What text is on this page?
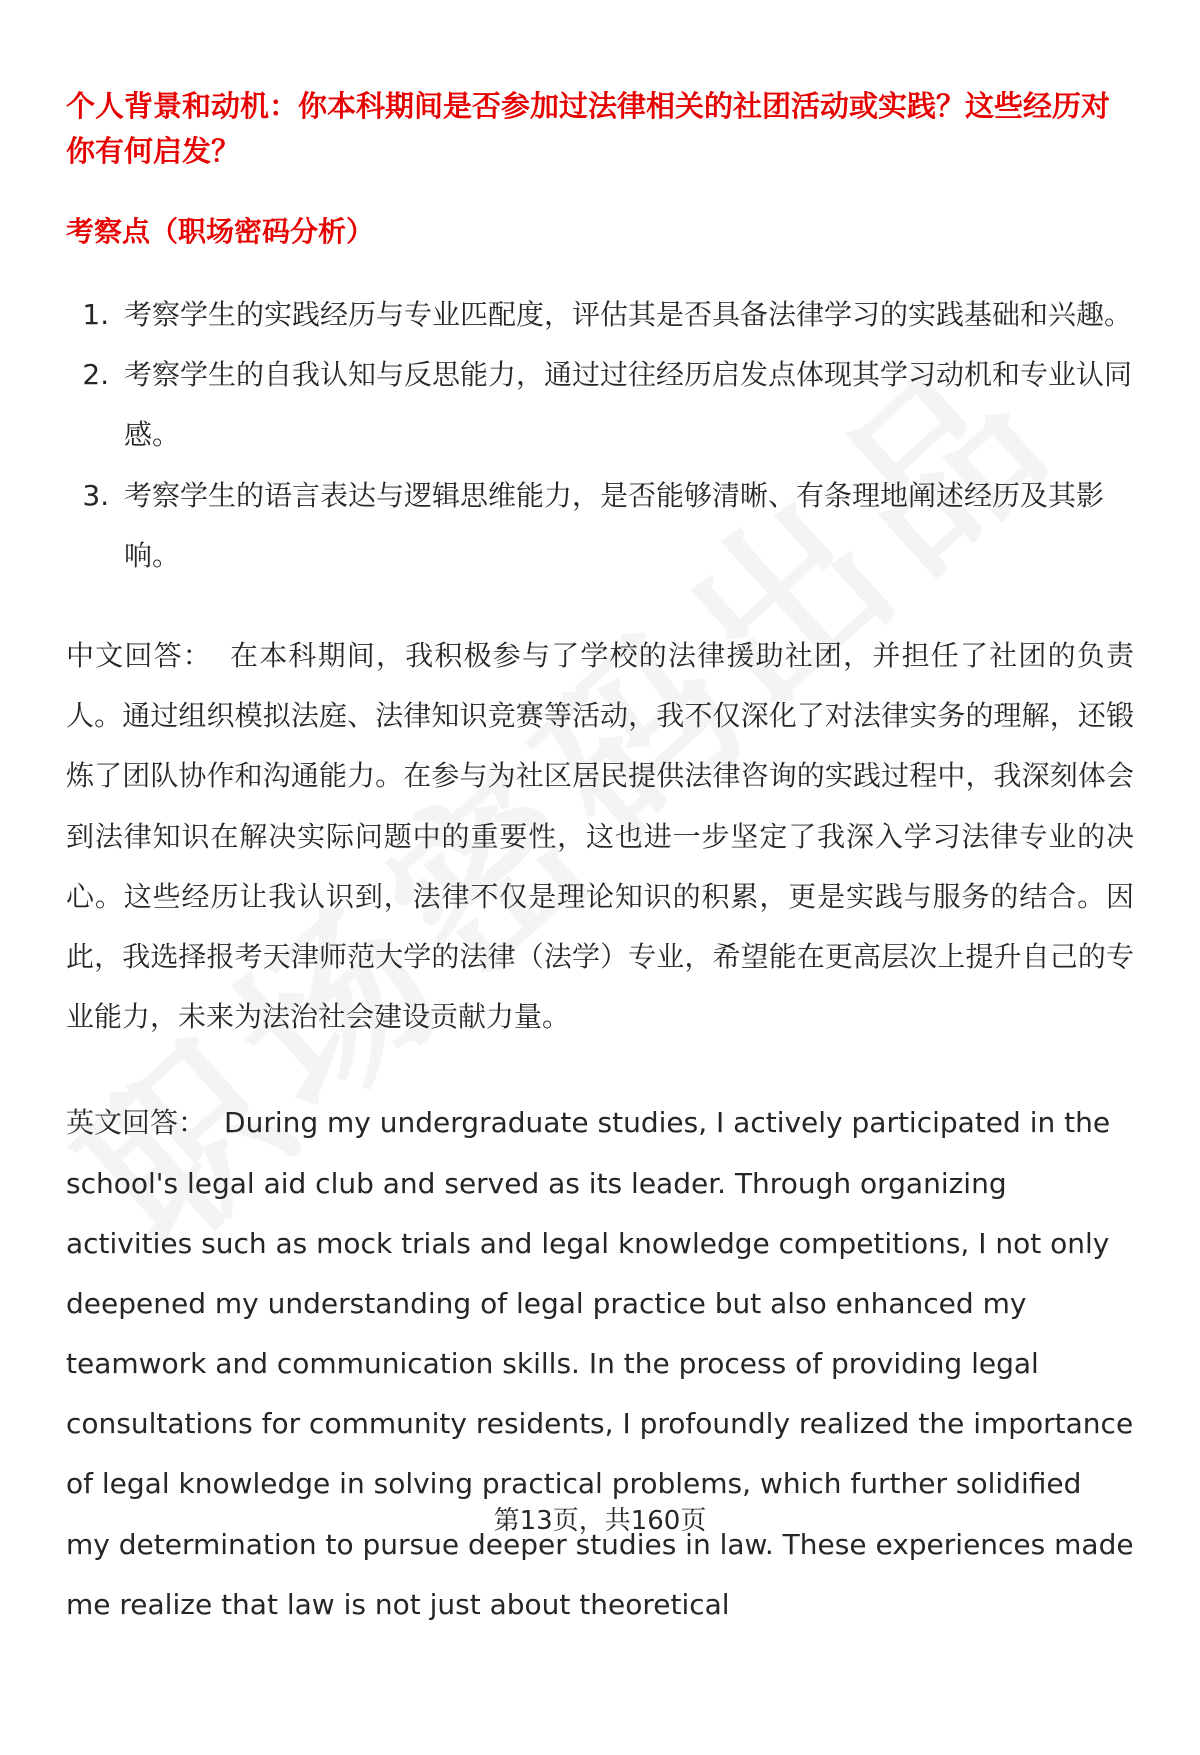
个人背景和动机：你本科期间是否参加过法律相关的社团活动或实践？这些经历对你有何启发？
考察点（职场密码分析）
1. 考察学生的实践经历与专业匹配度，评估其是否具备法律学习的实践基础和兴趣。
2. 考察学生的自我认知与反思能力，通过过往经历启发点体现其学习动机和专业认同感。
3. 考察学生的语言表达与逻辑思维能力，是否能够清晰、有条理地阐述经历及其影响。

中文回答： 在本科期间，我积极参与了学校的法律援助社团，并担任了社团的负责人。通过组织模拟法庭、法律知识竞赛等活动，我不仅深化了对法律实务的理解，还锻炼了团队协作和沟通能力。在参与为社区居民提供法律咨询的实践过程中，我深刻体会到法律知识在解决实际问题中的重要性，这也进一步坚定了我深入学习法律专业的决心。这些经历让我认识到，法律不仅是理论知识的积累，更是实践与服务的结合。因此，我选择报考天津师范大学的法律（法学）专业，希望能在更高层次上提升自己的专业能力，未来为法治社会建设贡献力量。

英文回答： During my undergraduate studies, I actively participated in the school's legal aid club and served as its leader. Through organizing activities such as mock trials and legal knowledge competitions, I not only deepened my understanding of legal practice but also enhanced my teamwork and communication skills. In the process of providing legal consultations for community residents, I profoundly realized the importance of legal knowledge in solving practical problems, which further solidified my determination to pursue deeper studies in law. These experiences made me realize that law is not just about theoretical

第13页，共160页
